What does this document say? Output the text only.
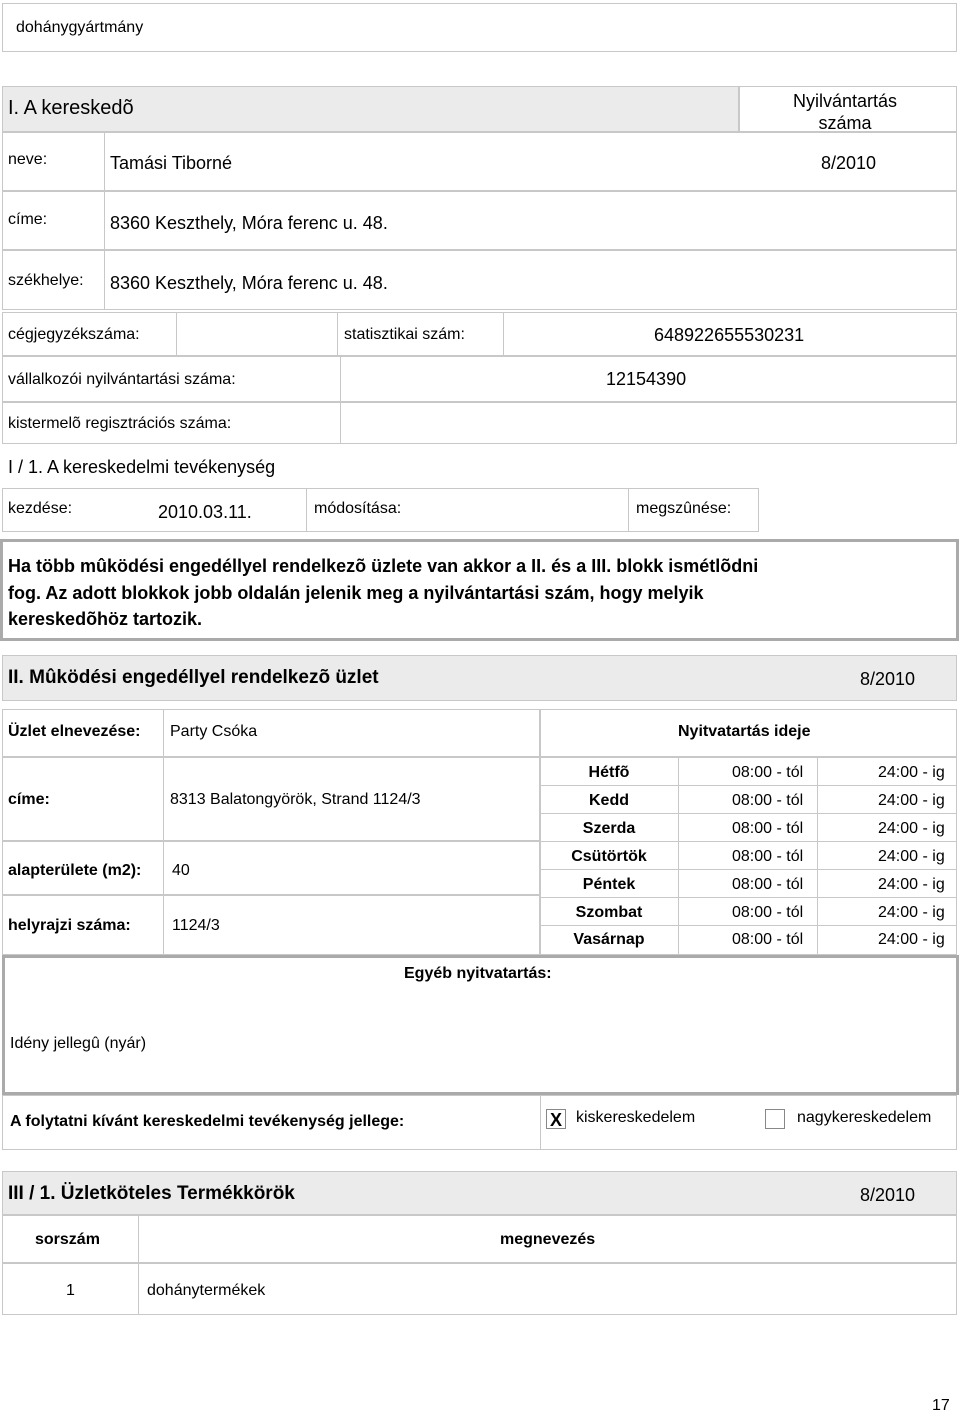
dohánygyártmány
I. A kereskedõ	Nyilvántartás száma
neve:	Tamási Tiborné	8/2010
címe:	8360 Keszthely, Móra ferenc u. 48.
székhelye: 8360 Keszthely, Móra ferenc u. 48.
cégjegyzékszáma:	statisztikai szám:	648922655530231
vállalkozói nyilvántartási száma:	12154390
kistermelõ regisztrációs száma:
I / 1. A kereskedelmi tevékenység
kezdése:	2010.03.11.	módosítása:	megszûnése:
Ha több mûködési engedéllyel rendelkezõ üzlete van akkor a II. és a III. blokk ismétlõdni
fog. Az adott blokkok jobb oldalán jelenik meg a nyilvántartási szám, hogy melyik
kereskedõhöz tartozik.
II. Mûködési engedéllyel rendelkezõ üzlet	8/2010
Üzlet elnevezése: Party Csóka	Nyitvatartás ideje
címe:	8313 Balatongyörök, Strand 1124/3
alapterülete (m2): 40
helyrajzi száma:	1124/3
Hétfõ	08:00 - tól	24:00 - ig
Kedd	08:00 - tól	24:00 - ig
Szerda	08:00 - tól	24:00 - ig
Csütörtök	08:00 - tól	24:00 - ig
Péntek	08:00 - tól	24:00 - ig
Szombat	08:00 - tól	24:00 - ig
Vasárnap	08:00 - tól	24:00 - ig
Egyéb nyitvatartás:
Idény jellegû (nyár)
A folytatni kívánt kereskedelmi tevékenység jellege:	X kiskereskedelem	nagykereskedelem
III / 1. Üzletköteles Termékkörök	8/2010
sorszám	megnevezés
1	dohánytermékek
17
